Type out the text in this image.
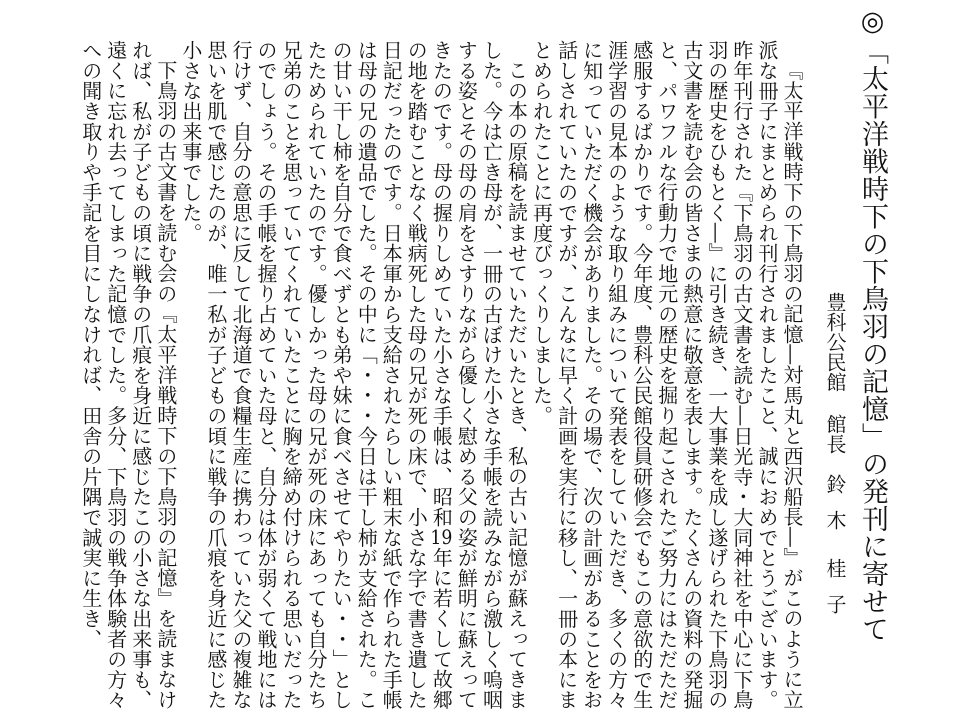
◎「太平洋戦時下の下鳥羽の記憶」の発刊に寄せて
豊科公民館館長鈴木桂子

『太平洋戦時下の下鳥羽の記憶―対馬丸と西沢船長―』がこのように立派な冊子にまとめられ刊行されましたこと、誠におめでとうございます。昨年刊行された『下鳥羽の古文書を読む―日光寺・大同神社を中心に下鳥羽の歴史をひもとく―』に引き続き、一大事業を成し遂げられた下鳥羽の古文書を読む会の皆さまの熱意に敬意を表します。たくさんの資料の発掘と、パワフルな行動力で地元の歴史を掘り起こされたご努力にはただただ感服するばかりです。今年度、豊科公民館役員研修会でもこの意欲的で生涯学習の見本のような取り組みについて発表をしていただき、多くの方々に知っていただく機会がありました。その場で、次の計画があることをお話しされていたのですが、こんなに早く計画を実行に移し、一冊の本にまとめられたことに再度びっくりしました。

この本の原稿を読ませていただいたとき、私の古い記憶が蘇えってきました。今は亡き母が、一冊の古ぼけた小さな手帳を読みながら激しく嗚咽する姿とその母の肩をさすりながら優しく慰める父の姿が鮮明に蘇えってきたのです。母の握りしめていた小さな手帳は、昭和19年に若くして故郷の地を踏むことなく戦病死した母の兄が死の床で、小さな字で書き遺した日記だったのです。日本軍から支給されたらしい粗末な紙で作られた手帳は母の兄の遺品でした。その中に「・・・今日は干し柿が支給された。この甘い干し柿を自分で食べずとも弟や妹に食べさせてやりたい・・」としたためられていたのです。優しかった母の兄が死の床にあっても自分たち兄弟のことを思っていてくれていたことに胸を締め付けられる思いだったのでしょう。その手帳を握り占めていた母と、自分は体が弱くて戦地には行けず、自分の意思に反して北海道で食糧生産に携わっていた父の複雑な思いを肌で感じたのが、唯一私が子どもの頃に戦争の爪痕を身近に感じた小さな出来事でした。

下鳥羽の古文書を読む会の『太平洋戦時下の下鳥羽の記憶』を読まなければ、私が子どもの頃に戦争の爪痕を身近に感じたこの小さな出来事も、遠くに忘れ去ってしまった記憶でした。多分、下鳥羽の戦争体験者の方々への聞き取りや手記を目にしなければ、田舎の片隅で誠実に生き、
